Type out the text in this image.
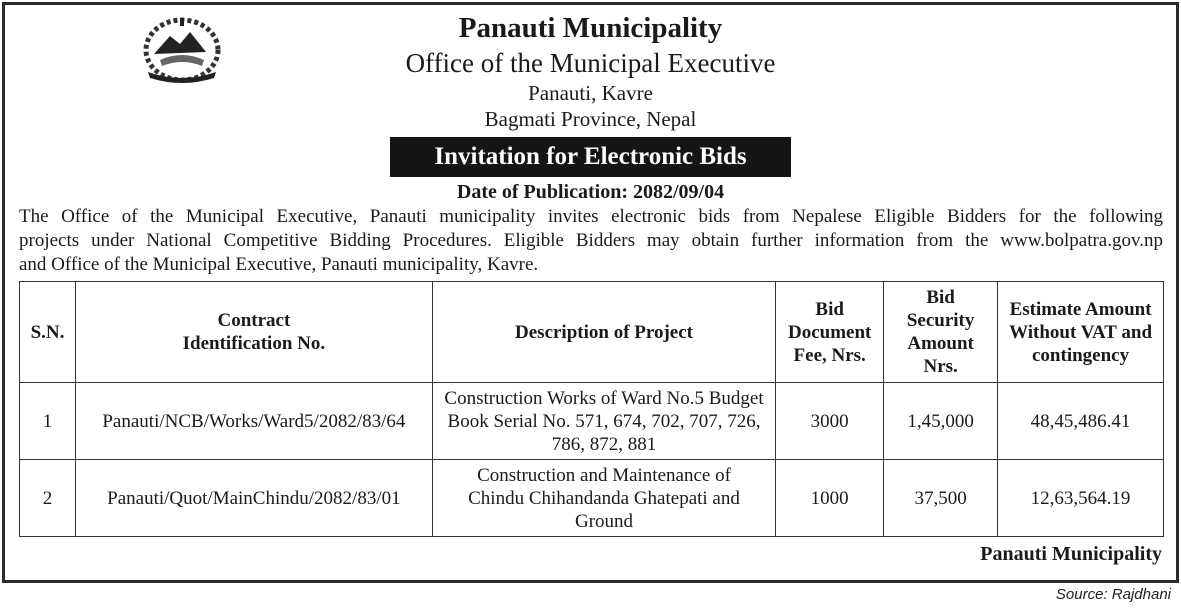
Panauti Municipality
Office of the Municipal Executive
Panauti, Kavre
Bagmati Province, Nepal
Invitation for Electronic Bids
Date of Publication: 2082/09/04
The Office of the Municipal Executive, Panauti municipality invites electronic bids from Nepalese Eligible Bidders for the following
projects under National Competitive Bidding Procedures. Eligible Bidders may obtain further information from the www.bolpatra.gov.np
and Office of the Municipal Executive, Panauti municipality, Kavre.
S.N.	Contract Identification No.	Description of Project	Bid Document Fee, Nrs.	Bid Security Amount Nrs.	Estimate Amount Without VAT and contingency
1	Panauti/NCB/Works/Ward5/2082/83/64	Construction Works of Ward No.5 Budget Book Serial No. 571, 674, 702, 707, 726, 786, 872, 881	3000	1,45,000	48,45,486.41
2	Panauti/Quot/MainChindu/2082/83/01	Construction and Maintenance of Chindu Chihandanda Ghatepati and Ground	1000	37,500	12,63,564.19
Panauti Municipality
Source: Rajdhani
